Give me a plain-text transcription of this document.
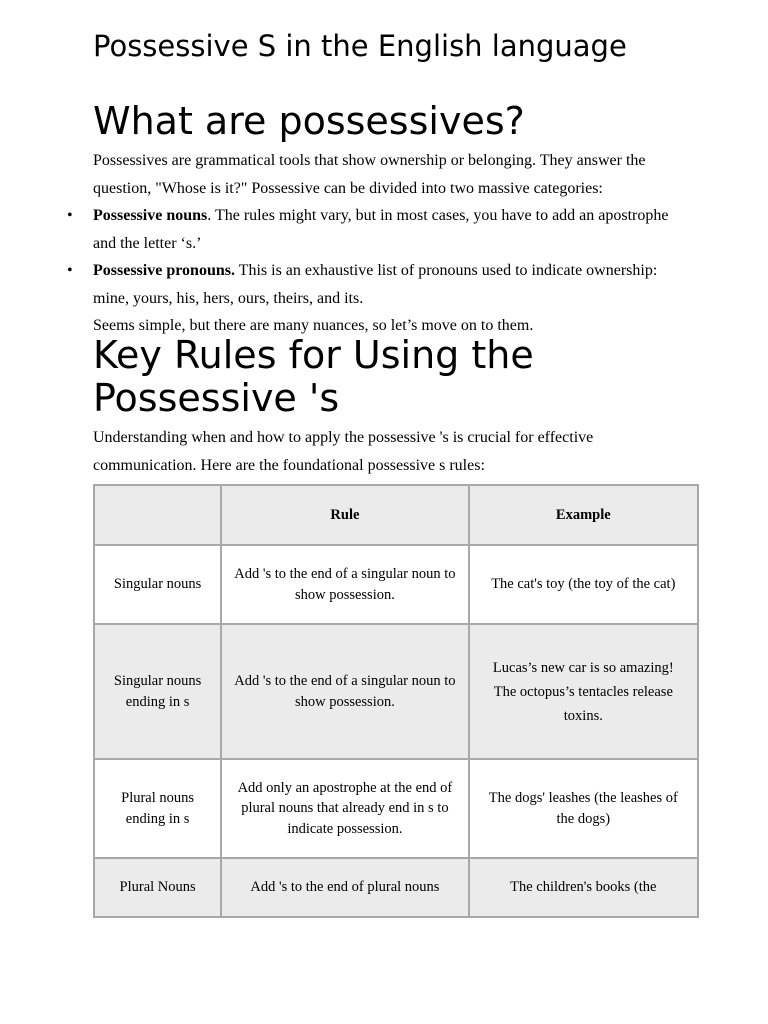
Possessive S in the English language
What are possessives?

Possessives are grammatical tools that show ownership or belonging. They answer the question, "Whose is it?" Possessive can be divided into two massive categories:

• Possessive nouns. The rules might vary, but in most cases, you have to add an apostrophe and the letter ‘s.’
• Possessive pronouns. This is an exhaustive list of pronouns used to indicate ownership: mine, yours, his, hers, ours, theirs, and its.

Seems simple, but there are many nuances, so let’s move on to them.

Key Rules for Using the Possessive 's

Understanding when and how to apply the possessive 's is crucial for effective communication. Here are the foundational possessive s rules:

	Rule	Example
Singular nouns	Add 's to the end of a singular noun to show possession.	The cat's toy (the toy of the cat)
Singular nouns ending in s	Add 's to the end of a singular noun to show possession.	Lucas’s new car is so amazing!
The octopus’s tentacles release toxins.

Plural nouns ending in s	Add only an apostrophe at the end of plural nouns that already end in s to indicate possession.	The dogs' leashes (the leashes of the dogs)
Plural Nouns	Add 's to the end of plural nouns	The children's books (the
